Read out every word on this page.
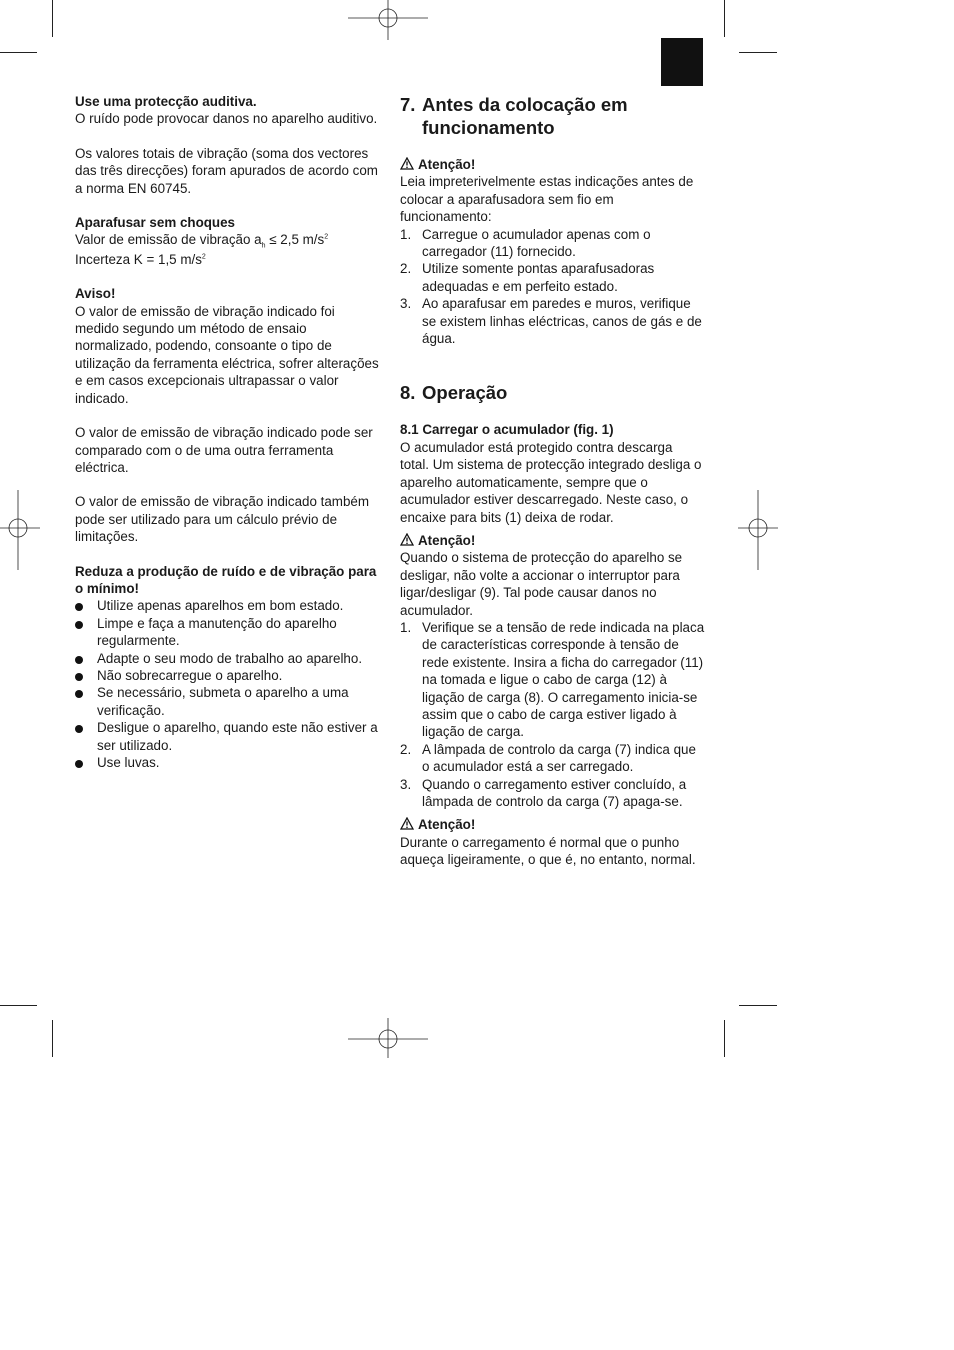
Use uma protecção auditiva.

O ruído pode provocar danos no aparelho auditivo.

Os valores totais de vibração (soma dos vectores das três direcções) foram apurados de acordo com a norma EN 60745.

Aparafusar sem choques

Valor de emissão de vibração $a_h \le 2,5$ $m/s^2$

Incerteza K = 1,5 $m/s^2$

Aviso!

O valor de emissão de vibração indicado foi medido segundo um método de ensaio normalizado, podendo, consoante o tipo de utilização da ferramenta eléctrica, sofrer alterações e em casos excepcionais ultrapassar o valor indicado.

O valor de emissão de vibração indicado pode ser comparado com o de uma outra ferramenta eléctrica.

O valor de emissão de vibração indicado também pode ser utilizado para um cálculo prévio de limitações.

Reduza a produção de ruído e de vibração para o mínimo!

Utilize apenas aparelhos em bom estado.
Limpe e faça a manutenção do aparelho regularmente.
Adapte o seu modo de trabalho ao aparelho.
Não sobrecarregue o aparelho.
Se necessário, submeta o aparelho a uma verificação.
Desligue o aparelho, quando este não estiver a ser utilizado.
Use luvas.
7. Antes da colocação em
funcionamento

Atenção!

Leia impreterivelmente estas indicações antes de colocar a aparafusadora sem fio em funcionamento:

1. Carregue o acumulador apenas com o carregador (11) fornecido.
2. Utilize somente pontas aparafusadoras adequadas e em perfeito estado.
3. Ao aparafusar em paredes e muros, verifique se existem linhas eléctricas, canos de gás e de água.
8. Operação

8.1 Carregar o acumulador (fig. 1)

O acumulador está protegido contra descarga total. Um sistema de protecção integrado desliga o aparelho automaticamente, sempre que o acumulador estiver descarregado. Neste caso, o encaixe para bits (1) deixa de rodar.

Atenção!

Quando o sistema de protecção do aparelho se desligar, não volte a accionar o interruptor para ligar/desligar (9). Tal pode causar danos no acumulador.

1. Verifique se a tensão de rede indicada na placa de características corresponde à tensão de rede existente. Insira a ficha do carregador (11) na tomada e ligue o cabo de carga (12) à ligação de carga (8). O carregamento inicia-se assim que o cabo de carga estiver ligado à ligação de carga.
2. A lâmpada de controlo da carga (7) indica que o acumulador está a ser carregado.
3. Quando o carregamento estiver concluído, a lâmpada de controlo da carga (7) apaga-se.

Atenção!

Durante o carregamento é normal que o punho aqueça ligeiramente, o que é, no entanto, normal.
